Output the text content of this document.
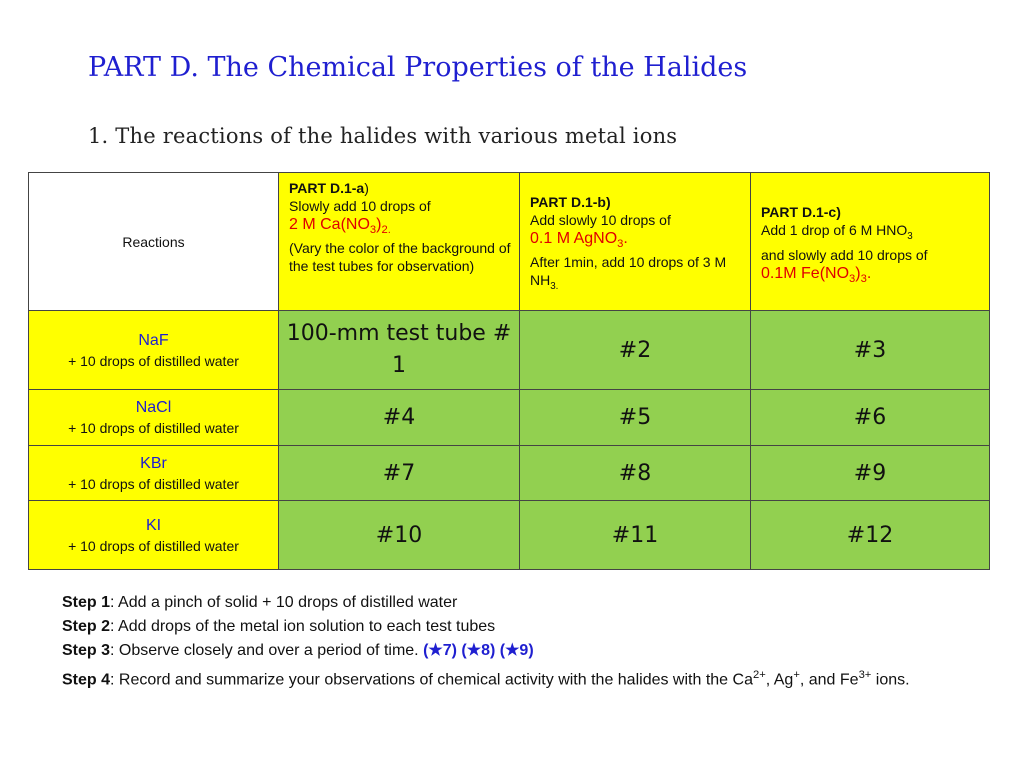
PART D. The Chemical Properties of the Halides
1. The reactions of the halides with various metal ions
Reactions	PART D.1-a)
Slowly add 10 drops of
2 M $Ca(NO_3)_{2.}$
(Vary the color of the background of the test tubes for observation)	PART D.1-b)
Add slowly 10 drops of
0.1 M AgNO$_3$.
After 1min, add 10 drops of 3 M $NH_{3.}$	PART D.1-c)
Add 1 drop of 6 M $HNO_3$
and slowly add 10 drops of
0.1M $Fe(NO_3)_3$.
NaF
+ 10 drops of distilled water	100-mm test tube # 1	#2	#3
NaCl
+ 10 drops of distilled water	#4	#5	#6
KBr
+ 10 drops of distilled water	#7	#8	#9
KI
+ 10 drops of distilled water	#10	#11	#12
Step 1: Add a pinch of solid + 10 drops of distilled water
Step 2: Add drops of the metal ion solution to each test tubes
Step 3: Observe closely and over a period of time. (★7) (★8) (★9)
Step 4: Record and summarize your observations of chemical activity with the halides with the $Ca^{2+}$, Ag+, and $Fe^{3+}$ ions.
